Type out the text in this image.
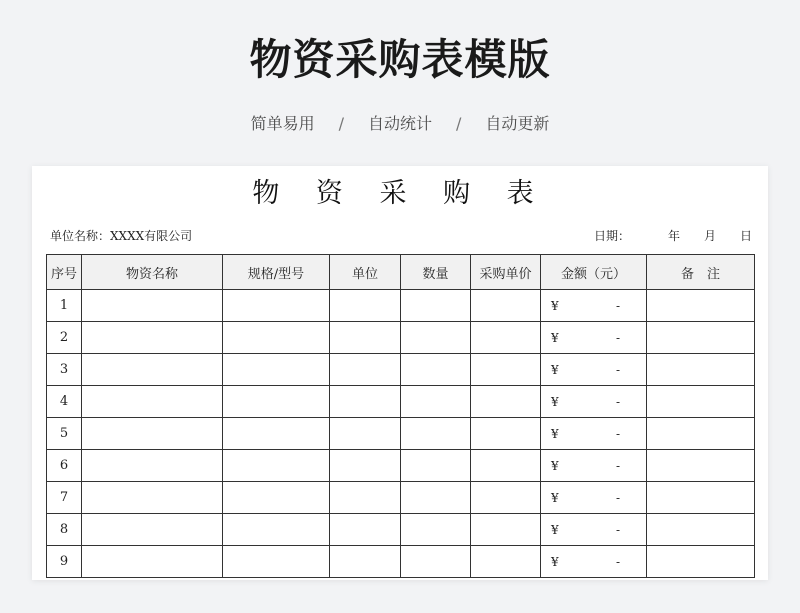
物资采购表模版
简单易用 / 自动统计 / 自动更新
物 资 采 购 表
单位名称：XXXX有限公司	日期：	年 月 日
序号	物资名称	规格/型号	单位	数量	采购单价	金额（元）	备　注
1						¥ -	

2						¥ -	

3						¥ -	

4						¥ -	

5						¥ -	

6						¥ -	

7						¥ -	

8						¥ -	

9						¥ -	
